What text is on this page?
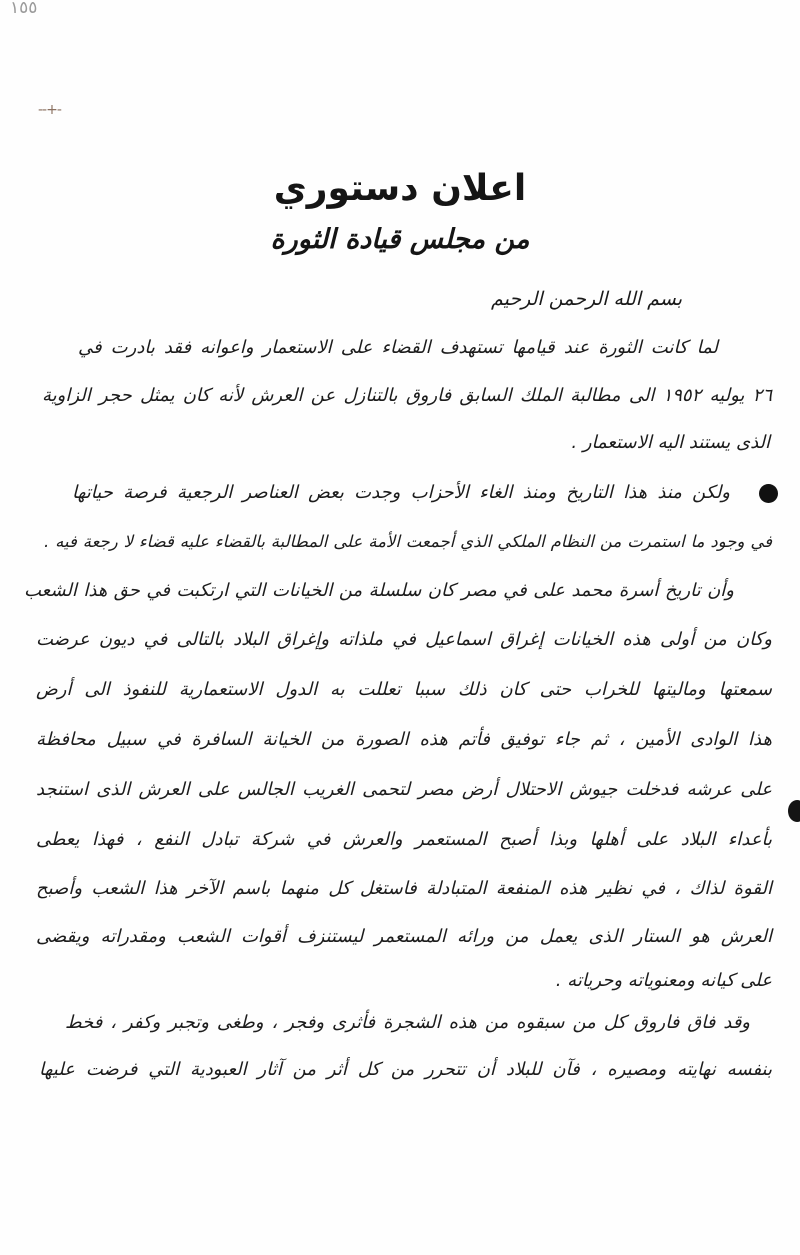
١٥٥
--+-
اعلان دستوري
من مجلس قيادة الثورة
بسم الله الرحمن الرحيم
لما كانت الثورة عند قيامها تستهدف القضاء على الاستعمار واعوانه فقد بادرت في
٢٦ يوليه ١٩٥٢ الى مطالبة الملك السابق فاروق بالتنازل عن العرش لأنه كان يمثل حجر الزاوية
الذى يستند اليه الاستعمار .
ولكن منذ هذا التاريخ ومنذ الغاء الأحزاب وجدت بعض العناصر الرجعية فرصة حياتها
في وجود ما استمرت من النظام الملكي الذي أجمعت الأمة على المطالبة بالقضاء عليه قضاء لا رجعة فيه .
وأن تاريخ أسرة محمد على في مصر كان سلسلة من الخيانات التي ارتكبت في حق هذا الشعب
وكان من أولى هذه الخيانات إغراق اسماعيل في ملذاته وإغراق البلاد بالتالى في ديون عرضت
سمعتها وماليتها للخراب حتى كان ذلك سببا تعللت به الدول الاستعمارية للنفوذ الى أرض
هذا الوادى الأمين ، ثم جاء توفيق فأتم هذه الصورة من الخيانة السافرة في سبيل محافظة
على عرشه فدخلت جيوش الاحتلال أرض مصر لتحمى الغريب الجالس على العرش الذى استنجد
بأعداء البلاد على أهلها وبذا أصبح المستعمر والعرش في شركة تبادل النفع ، فهذا يعطى
القوة لذاك ، في نظير هذه المنفعة المتبادلة فاستغل كل منهما باسم الآخر هذا الشعب وأصبح
العرش هو الستار الذى يعمل من ورائه المستعمر ليستنزف أقوات الشعب ومقدراته ويقضى
على كيانه ومعنوياته وحرياته .
وقد فاق فاروق كل من سبقوه من هذه الشجرة فأثرى وفجر ، وطغى وتجبر وكفر ، فخط
بنفسه نهايته ومصيره ، فآن للبلاد أن تتحرر من كل أثر من آثار العبودية التي فرضت عليها
